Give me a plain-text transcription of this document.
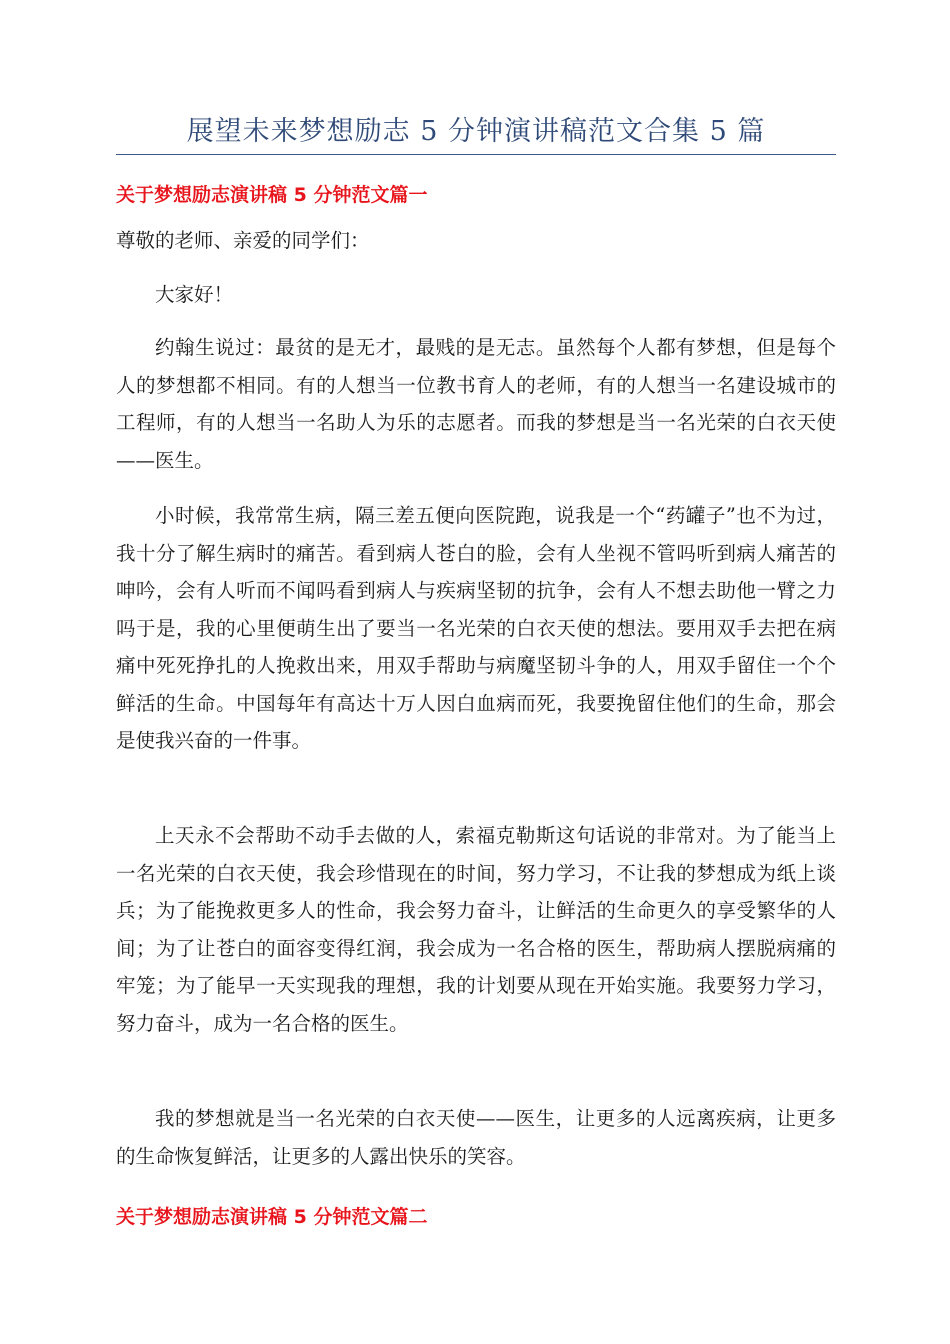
展望未来梦想励志 5 分钟演讲稿范文合集 5 篇
关于梦想励志演讲稿 5 分钟范文篇一

尊敬的老师、亲爱的同学们：

大家好！

约翰生说过：最贫的是无才，最贱的是无志。虽然每个人都有梦想，但是每个人的梦想都不相同。有的人想当一位教书育人的老师，有的人想当一名建设城市的工程师，有的人想当一名助人为乐的志愿者。而我的梦想是当一名光荣的白衣天使——医生。

小时候，我常常生病，隔三差五便向医院跑，说我是一个“药罐子”也不为过，我十分了解生病时的痛苦。看到病人苍白的脸，会有人坐视不管吗听到病人痛苦的呻吟，会有人听而不闻吗看到病人与疾病坚韧的抗争，会有人不想去助他一臂之力吗于是，我的心里便萌生出了要当一名光荣的白衣天使的想法。要用双手去把在病痛中死死挣扎的人挽救出来，用双手帮助与病魔坚韧斗争的人，用双手留住一个个鲜活的生命。中国每年有高达十万人因白血病而死，我要挽留住他们的生命，那会是使我兴奋的一件事。

上天永不会帮助不动手去做的人，索福克勒斯这句话说的非常对。为了能当上一名光荣的白衣天使，我会珍惜现在的时间，努力学习，不让我的梦想成为纸上谈兵；为了能挽救更多人的性命，我会努力奋斗，让鲜活的生命更久的享受繁华的人间；为了让苍白的面容变得红润，我会成为一名合格的医生，帮助病人摆脱病痛的牢笼；为了能早一天实现我的理想，我的计划要从现在开始实施。我要努力学习，努力奋斗，成为一名合格的医生。

我的梦想就是当一名光荣的白衣天使——医生，让更多的人远离疾病，让更多的生命恢复鲜活，让更多的人露出快乐的笑容。

关于梦想励志演讲稿 5 分钟范文篇二
